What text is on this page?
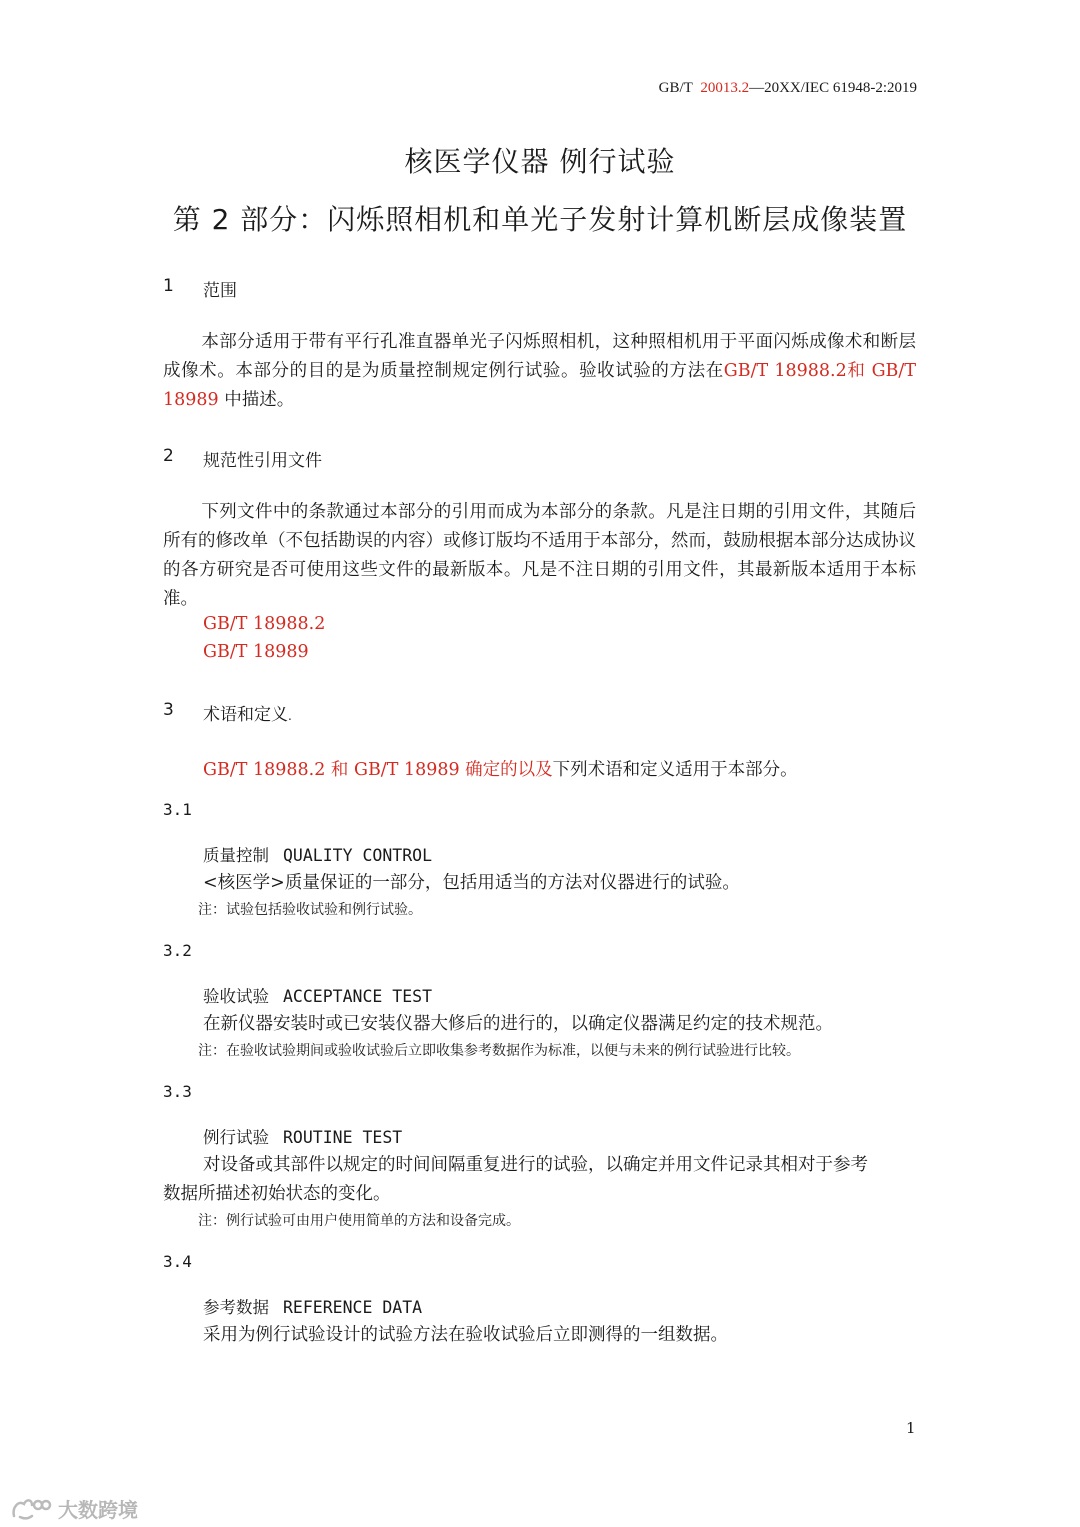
GB/T 20013.2—20XX/IEC 61948-2:2019
核医学仪器 例行试验
第 2 部分：闪烁照相机和单光子发射计算机断层成像装置
1 范围
本部分适用于带有平行孔准直器单光子闪烁照相机，这种照相机用于平面闪烁成像术和断层成像术。本部分的目的是为质量控制规定例行试验。验收试验的方法在GB/T 18988.2和 GB/T 18989 中描述。
2 规范性引用文件
下列文件中的条款通过本部分的引用而成为本部分的条款。凡是注日期的引用文件，其随后所有的修改单（不包括勘误的内容）或修订版均不适用于本部分，然而，鼓励根据本部分达成协议的各方研究是否可使用这些文件的最新版本。凡是不注日期的引用文件，其最新版本适用于本标准。
GB/T 18988.2
GB/T 18989
3 术语和定义.
GB/T 18988.2 和 GB/T 18989 确定的以及下列术语和定义适用于本部分。
3.1
质量控制 QUALITY CONTROL
<核医学>质量保证的一部分，包括用适当的方法对仪器进行的试验。
注：试验包括验收试验和例行试验。
3.2
验收试验 ACCEPTANCE TEST
在新仪器安装时或已安装仪器大修后的进行的，以确定仪器满足约定的技术规范。
注：在验收试验期间或验收试验后立即收集参考数据作为标准，以便与未来的例行试验进行比较。
3.3
例行试验 ROUTINE TEST
对设备或其部件以规定的时间间隔重复进行的试验，以确定并用文件记录其相对于参考
数据所描述初始状态的变化。
注：例行试验可由用户使用简单的方法和设备完成。
3.4
参考数据 REFERENCE DATA
采用为例行试验设计的试验方法在验收试验后立即测得的一组数据。
1
大数跨境
